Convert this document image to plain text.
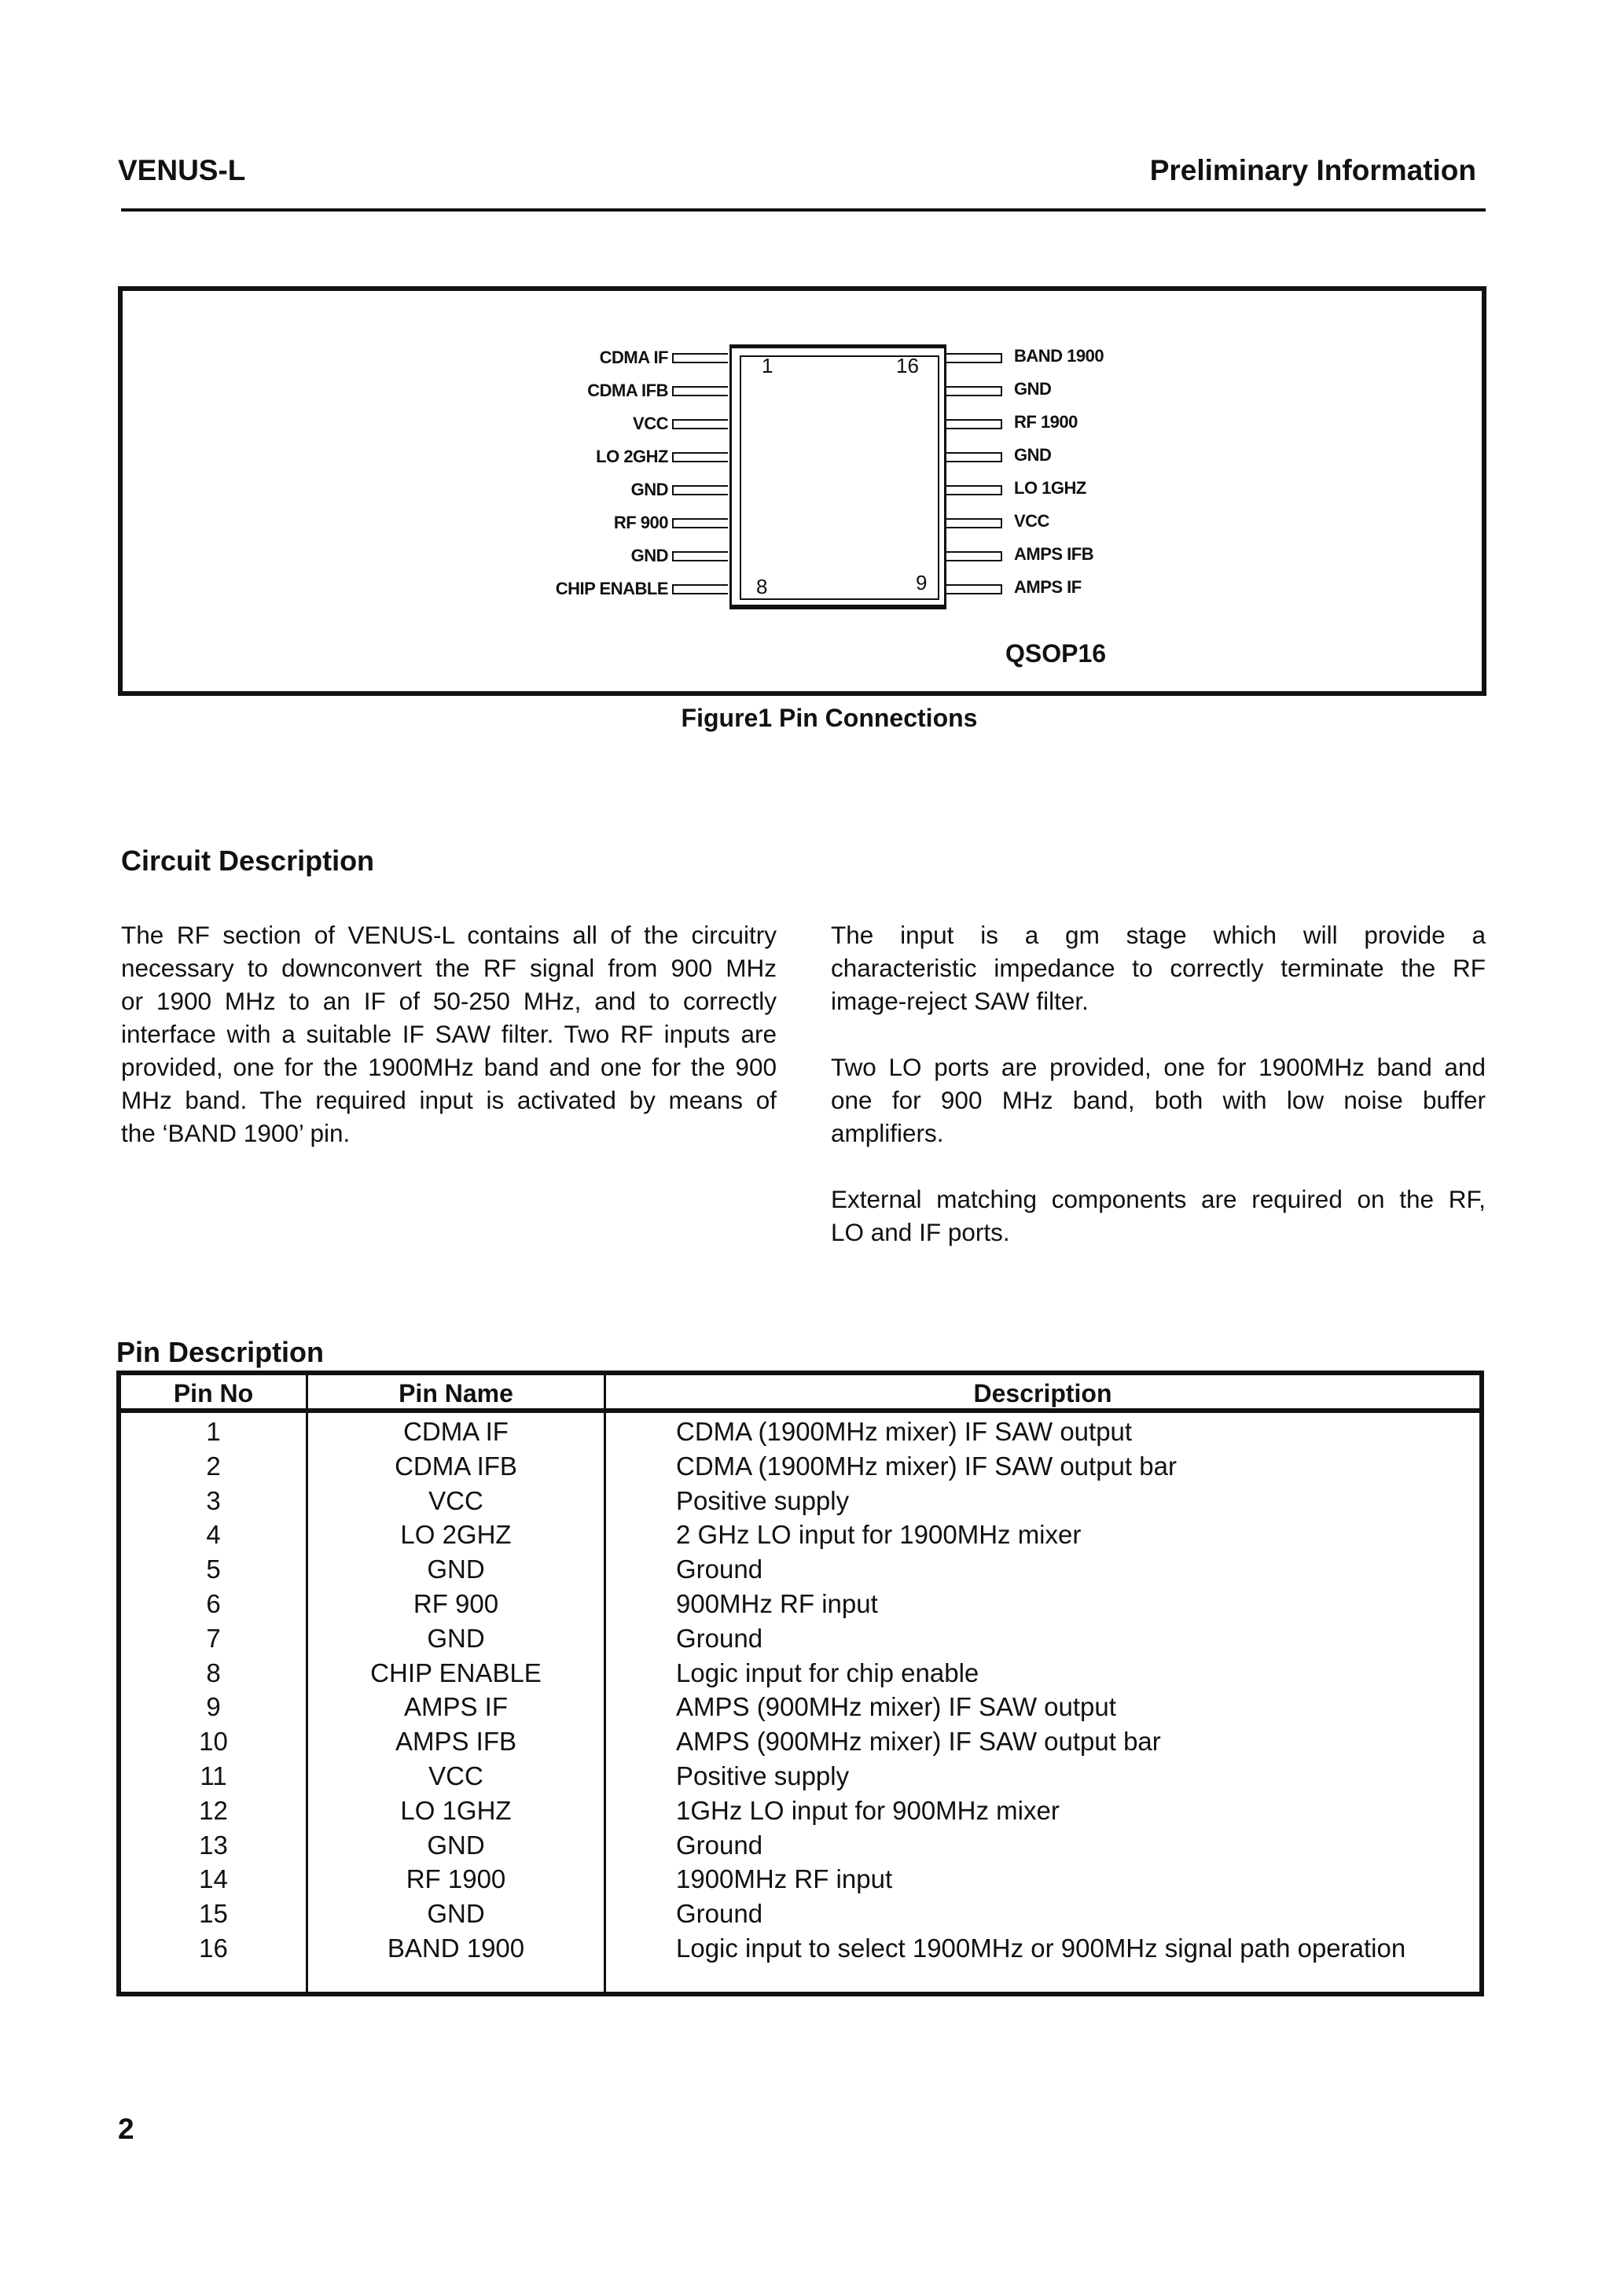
VENUS-L	Preliminary Information
CDMA IF
CDMA IFB
VCC
LO 2GHZ
GND
RF 900
GND
CHIP ENABLE
BAND 1900
GND
RF 1900
GND
LO 1GHZ
VCC
AMPS IFB
AMPS IF
1	16
8	9
QSOP16
Figure1 Pin Connections
Circuit Description
The RF section of VENUS-L contains all of the circuitry
necessary to downconvert the RF signal from 900 MHz
or 1900 MHz to an IF of 50-250 MHz, and to correctly
interface with a suitable IF SAW filter. Two RF inputs are
provided, one for the 1900MHz band and one for the 900
MHz band. The required input is activated by means of
the ‘BAND 1900’ pin.
The input is a gm stage which will provide a
characteristic impedance to correctly terminate the RF
image-reject SAW filter.
Two LO ports are provided, one for 1900MHz band and
one for 900 MHz band, both with low noise buffer
amplifiers.
External matching components are required on the RF,
LO and IF ports.
Pin Description
Pin No	Pin Name	Description
1	CDMA IF	CDMA (1900MHz mixer) IF SAW output
2	CDMA IFB	CDMA (1900MHz mixer) IF SAW output bar
3	VCC	Positive supply
4	LO 2GHZ	2 GHz LO input for 1900MHz mixer
5	GND	Ground
6	RF 900	900MHz RF input
7	GND	Ground
8	CHIP ENABLE	Logic input for chip enable
9	AMPS IF	AMPS (900MHz mixer) IF SAW output
10	AMPS IFB	AMPS (900MHz mixer) IF SAW output bar
11	VCC	Positive supply
12	LO 1GHZ	1GHz LO input for 900MHz mixer
13	GND	Ground
14	RF 1900	1900MHz RF input
15	GND	Ground
16	BAND 1900	Logic input to select 1900MHz or 900MHz signal path operation
2
